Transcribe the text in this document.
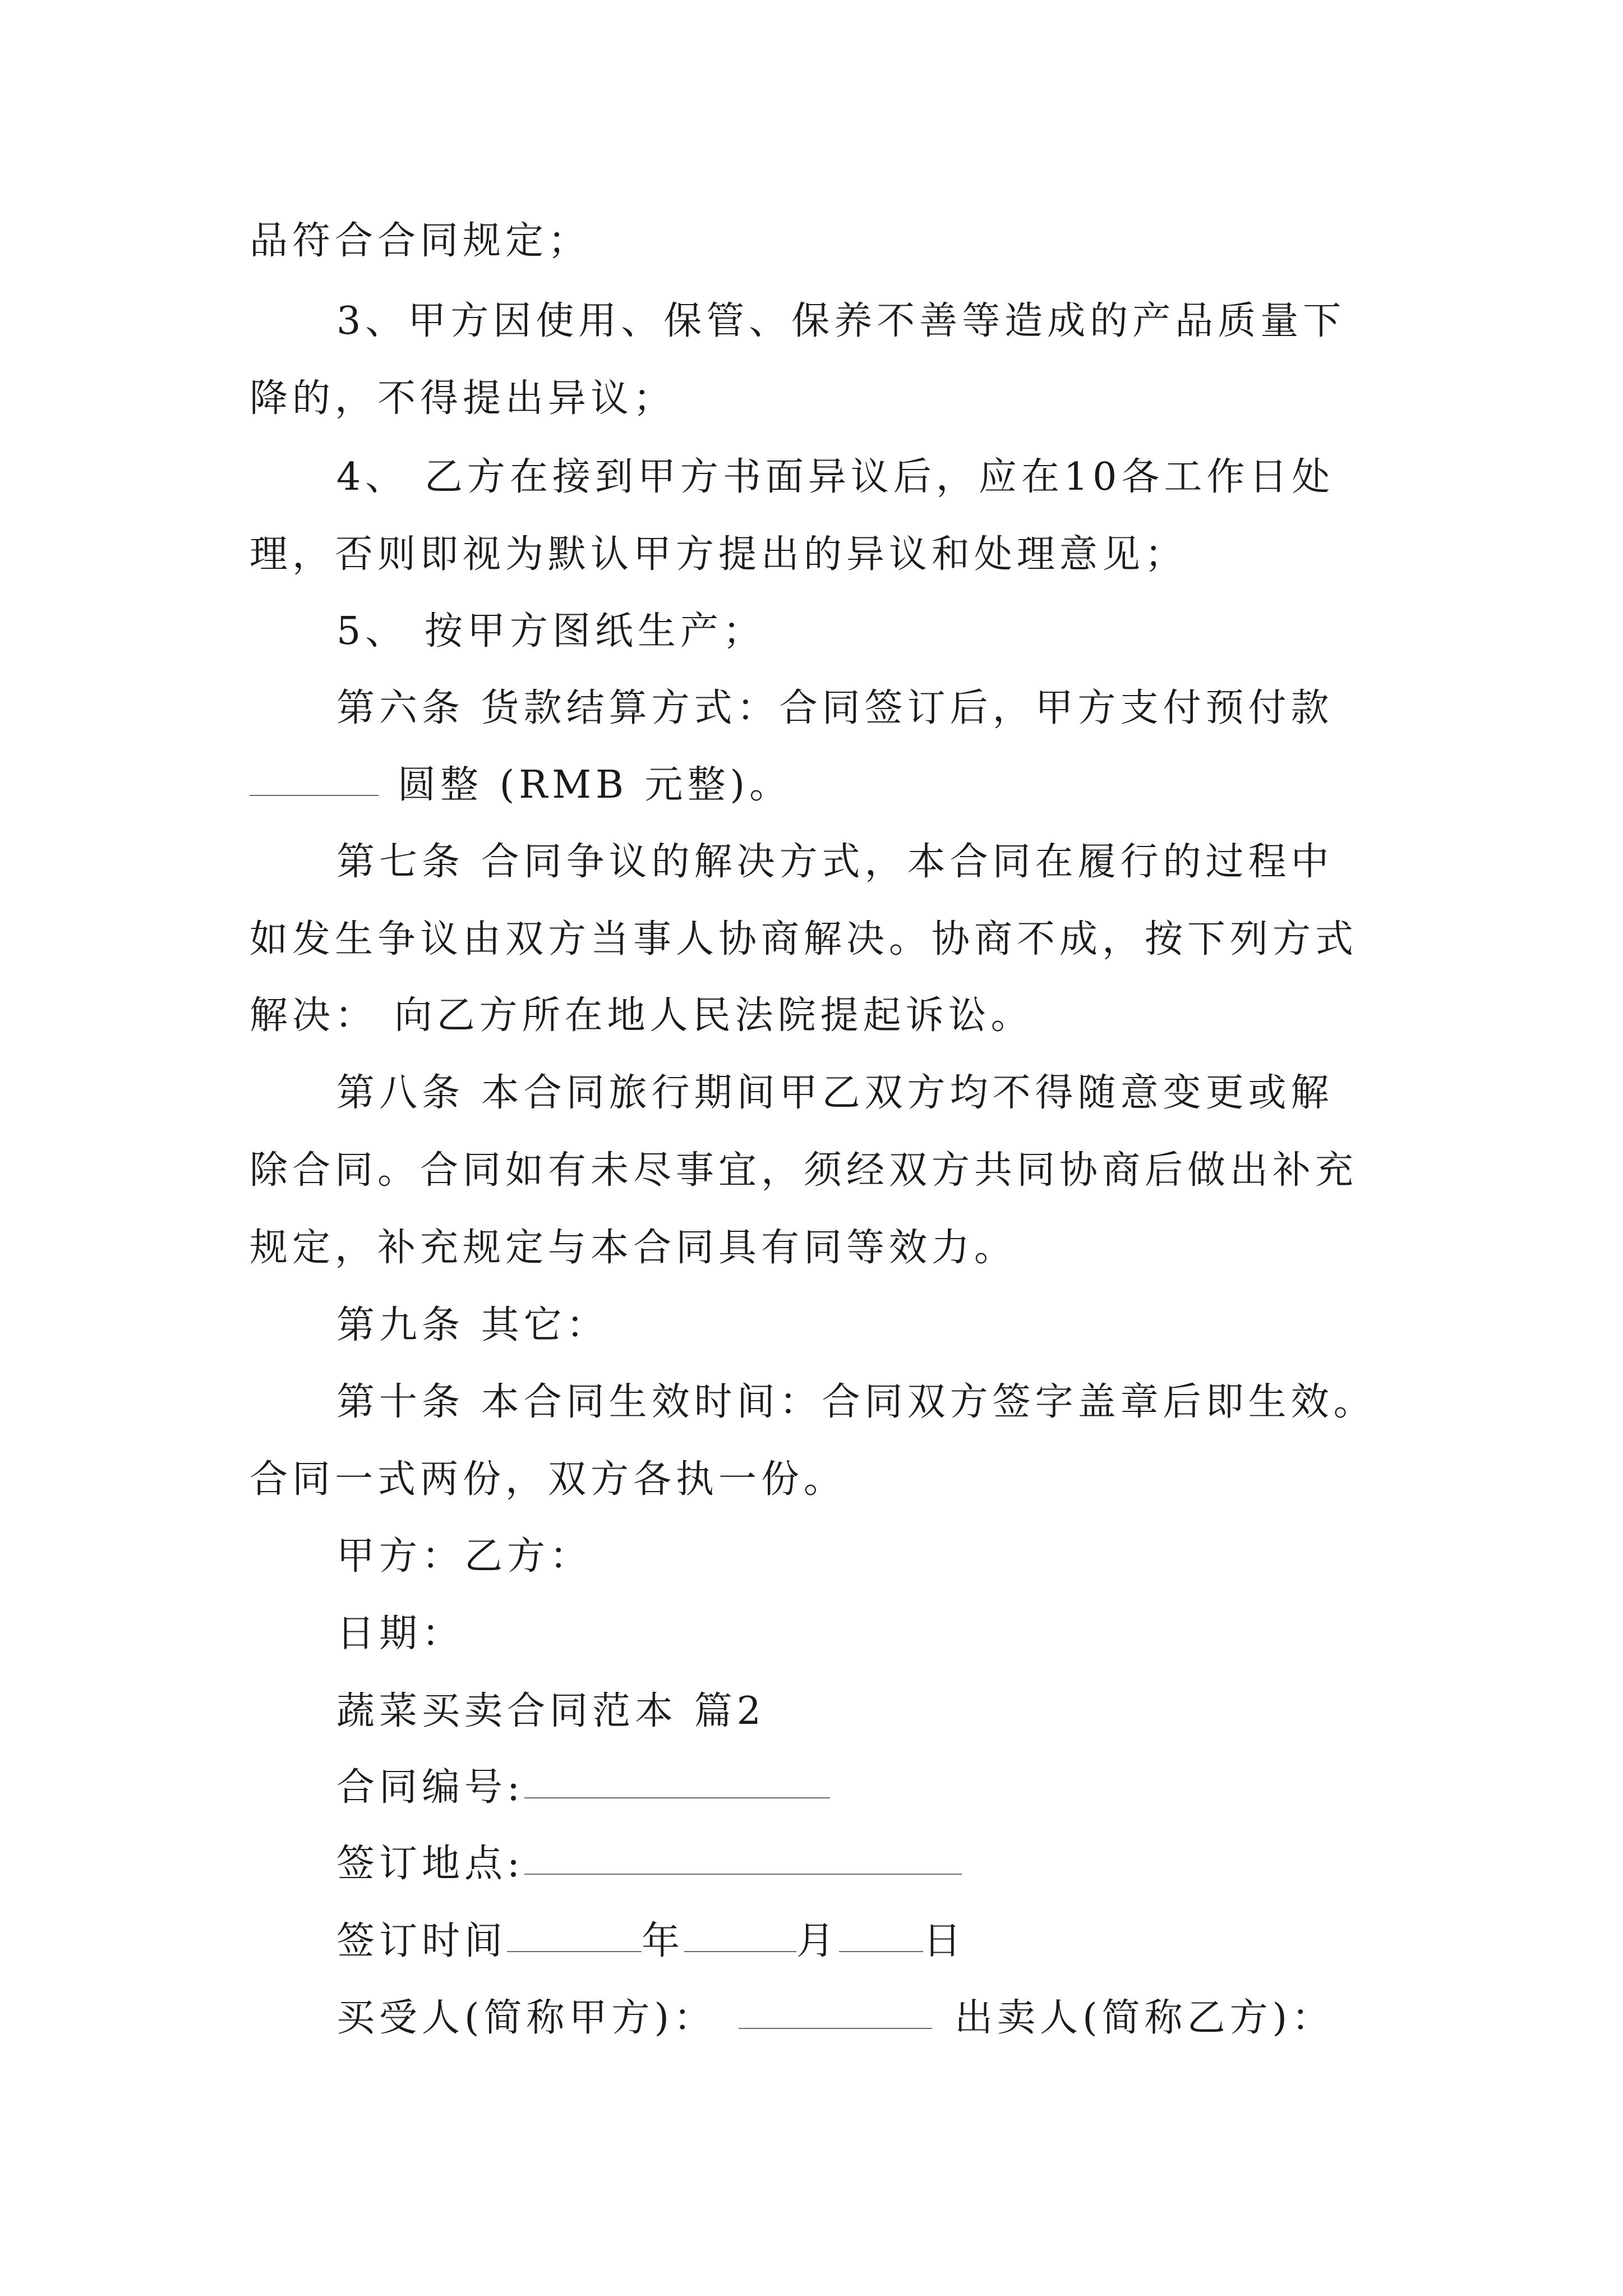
品符合合同规定；
3、甲方因使用、保管、保养不善等造成的产品质量下
降的，不得提出异议；
4、 乙方在接到甲方书面异议后，应在10各工作日处
理，否则即视为默认甲方提出的异议和处理意见；
5、 按甲方图纸生产；
第六条 货款结算方式：合同签订后，甲方支付预付款
圆整 (RMB 元整)。
第七条 合同争议的解决方式，本合同在履行的过程中
如发生争议由双方当事人协商解决。协商不成，按下列方式
解决： 向乙方所在地人民法院提起诉讼。
第八条 本合同旅行期间甲乙双方均不得随意变更或解
除合同。合同如有未尽事宜，须经双方共同协商后做出补充
规定，补充规定与本合同具有同等效力。
第九条 其它：
第十条 本合同生效时间：合同双方签字盖章后即生效。
合同一式两份，双方各执一份。
甲方：乙方：
日期：
蔬菜买卖合同范本 篇2
合同编号:
签订地点:
签订时间	年	月 日
买受人(简称甲方)：	出卖人(简称乙方)：
